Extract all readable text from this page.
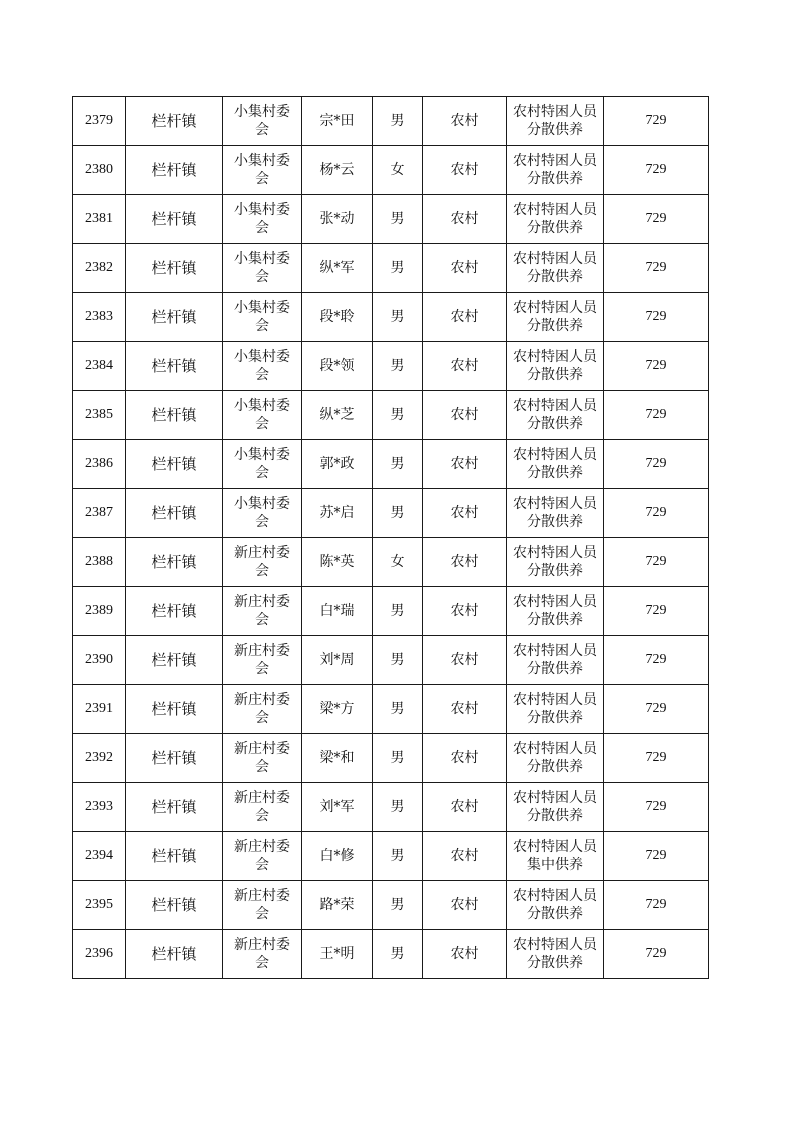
2379	栏杆镇	小集村委会	宗*田	男	农村	农村特困人员分散供养	729
2380	栏杆镇	小集村委会	杨*云	女	农村	农村特困人员分散供养	729
2381	栏杆镇	小集村委会	张*动	男	农村	农村特困人员分散供养	729
2382	栏杆镇	小集村委会	纵*军	男	农村	农村特困人员分散供养	729
2383	栏杆镇	小集村委会	段*聆	男	农村	农村特困人员分散供养	729
2384	栏杆镇	小集村委会	段*领	男	农村	农村特困人员分散供养	729
2385	栏杆镇	小集村委会	纵*芝	男	农村	农村特困人员分散供养	729
2386	栏杆镇	小集村委会	郭*政	男	农村	农村特困人员分散供养	729
2387	栏杆镇	小集村委会	苏*启	男	农村	农村特困人员分散供养	729
2388	栏杆镇	新庄村委会	陈*英	女	农村	农村特困人员分散供养	729
2389	栏杆镇	新庄村委会	白*瑞	男	农村	农村特困人员分散供养	729
2390	栏杆镇	新庄村委会	刘*周	男	农村	农村特困人员分散供养	729
2391	栏杆镇	新庄村委会	梁*方	男	农村	农村特困人员分散供养	729
2392	栏杆镇	新庄村委会	梁*和	男	农村	农村特困人员分散供养	729
2393	栏杆镇	新庄村委会	刘*军	男	农村	农村特困人员分散供养	729
2394	栏杆镇	新庄村委会	白*修	男	农村	农村特困人员集中供养	729
2395	栏杆镇	新庄村委会	路*荣	男	农村	农村特困人员分散供养	729
2396	栏杆镇	新庄村委会	王*明	男	农村	农村特困人员分散供养	729
